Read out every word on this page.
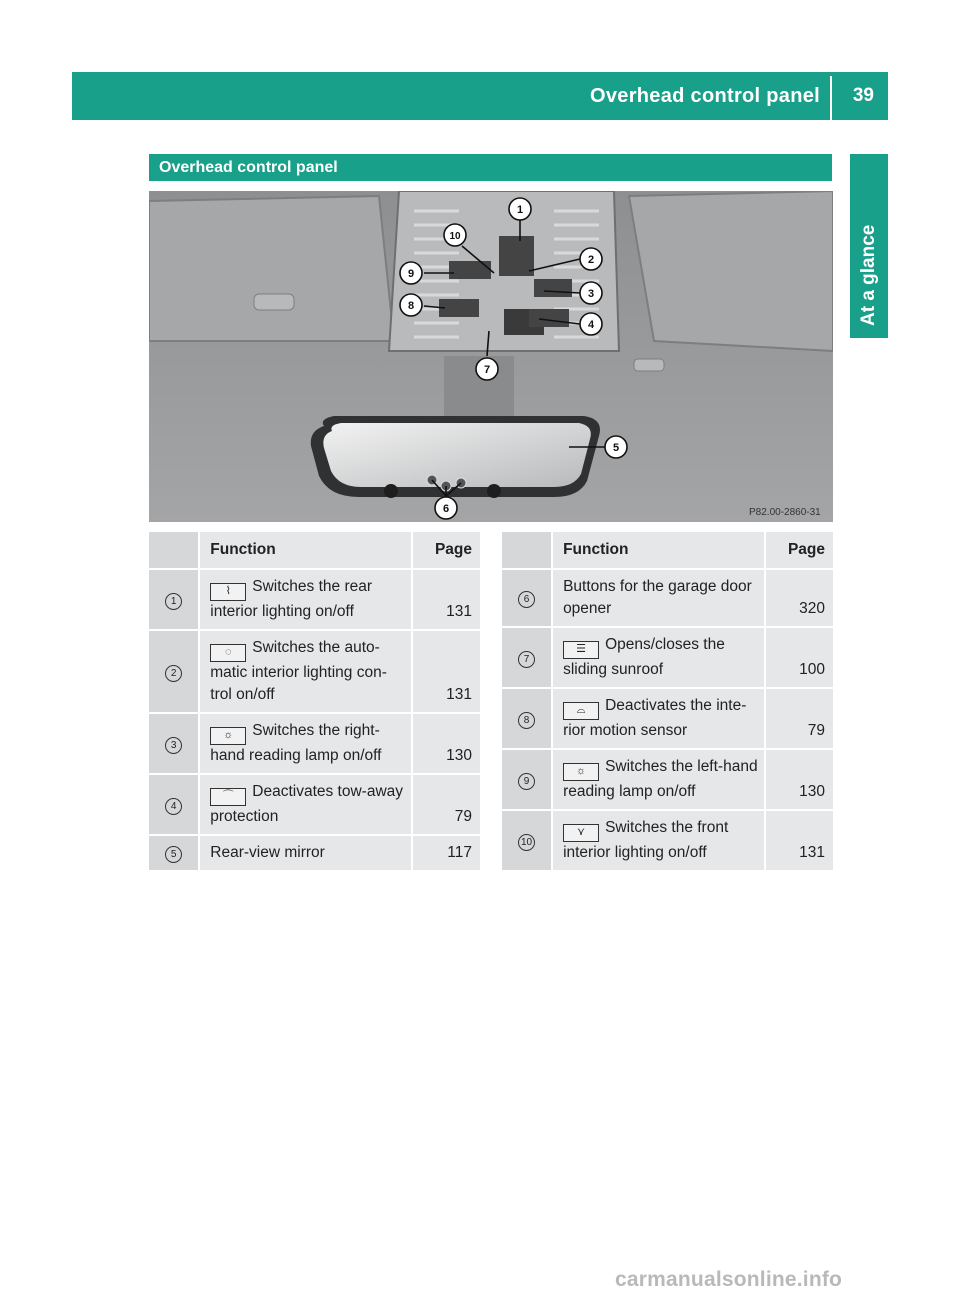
Overhead control panel 39
At a glance
Overhead control panel
1
2
3
4
5
6
7
8
9
10
P82.00-2860-31
	Function	Page
1	⌇ Switches the rear interior lighting on/off	131
2	◌ Switches the auto-matic interior lighting con-trol on/off	131
3	☼ Switches the right-hand reading lamp on/off	130
4	⌒ Deactivates tow-away protection	79
5	Rear-view mirror	117
	Function	Page
6	Buttons for the garage door opener	320
7	☰ Opens/closes the sliding sunroof	100
8	⌓ Deactivates the inte-rior motion sensor	79
9	☼ Switches the left-hand reading lamp on/off	130
10	⋎ Switches the front interior lighting on/off	131
carmanualsonline.info
